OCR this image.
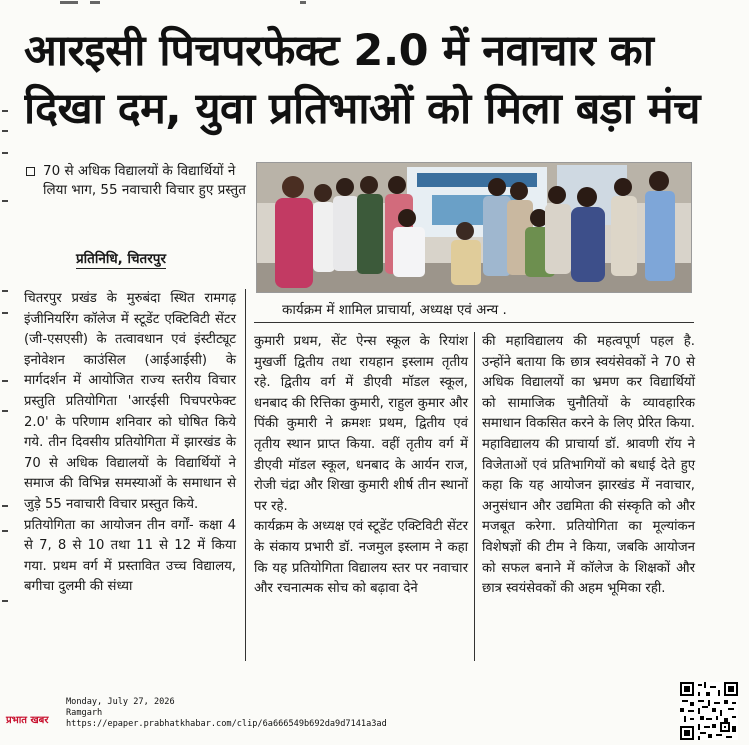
आरइसी पिचपरफेक्ट 2.0 में नवाचार का
दिखा दम, युवा प्रतिभाओं को मिला बड़ा मंच

70 से अधिक विद्यालयों के विद्यार्थियों ने लिया भाग, 55 नवाचारी विचार हुए प्रस्तुत

प्रतिनिधि, चितरपुर
कार्यक्रम में शामिल प्राचार्या, अध्यक्ष एवं अन्य .

चितरपुर प्रखंड के मुरुबंदा स्थित रामगढ़ इंजीनियरिंग कॉलेज में स्टूडेंट एक्टिविटी सेंटर (जी-एसएसी) के तत्वावधान एवं इंस्टीट्यूट इनोवेशन काउंसिल (आईआईसी) के मार्गदर्शन में आयोजित राज्य स्तरीय विचार प्रस्तुति प्रतियोगिता 'आरईसी पिचपरफेक्ट 2.0' के परिणाम शनिवार को घोषित किये गये. तीन दिवसीय प्रतियोगिता में झारखंड के 70 से अधिक विद्यालयों के विद्यार्थियों ने समाज की विभिन्न समस्याओं के समाधान से जुड़े 55 नवाचारी विचार प्रस्तुत किये.

प्रतियोगिता का आयोजन तीन वर्गों- कक्षा 4 से 7, 8 से 10 तथा 11 से 12 में किया गया. प्रथम वर्ग में प्रस्तावित उच्च विद्यालय, बगीचा दुलमी की संध्या

कुमारी प्रथम, सेंट ऐन्स स्कूल के रियांश मुखर्जी द्वितीय तथा रायहान इस्लाम तृतीय रहे. द्वितीय वर्ग में डीएवी मॉडल स्कूल, धनबाद की रित्तिका कुमारी, राहुल कुमार और पिंकी कुमारी ने क्रमशः प्रथम, द्वितीय एवं तृतीय स्थान प्राप्त किया. वहीं तृतीय वर्ग में डीएवी मॉडल स्कूल, धनबाद के आर्यन राज, रोजी चंद्रा और शिखा कुमारी शीर्ष तीन स्थानों पर रहे.

कार्यक्रम के अध्यक्ष एवं स्टूडेंट एक्टिविटी सेंटर के संकाय प्रभारी डॉ. नजमुल इस्लाम ने कहा कि यह प्रतियोगिता विद्यालय स्तर पर नवाचार और रचनात्मक सोच को बढ़ावा देने

की महाविद्यालय की महत्वपूर्ण पहल है. उन्होंने बताया कि छात्र स्वयंसेवकों ने 70 से अधिक विद्यालयों का भ्रमण कर विद्यार्थियों को सामाजिक चुनौतियों के व्यावहारिक समाधान विकसित करने के लिए प्रेरित किया. महाविद्यालय की प्राचार्या डॉ. श्रावणी रॉय ने विजेताओं एवं प्रतिभागियों को बधाई देते हुए कहा कि यह आयोजन झारखंड में नवाचार, अनुसंधान और उद्यमिता की संस्कृति को और मजबूत करेगा. प्रतियोगिता का मूल्यांकन विशेषज्ञों की टीम ने किया, जबकि आयोजन को सफल बनाने में कॉलेज के शिक्षकों और छात्र स्वयंसेवकों की अहम भूमिका रही.

प्रभात खबर
Monday, July 27, 2026
Ramgarh
https://epaper.prabhatkhabar.com/clip/6a666549b692da9d7141a3ad
